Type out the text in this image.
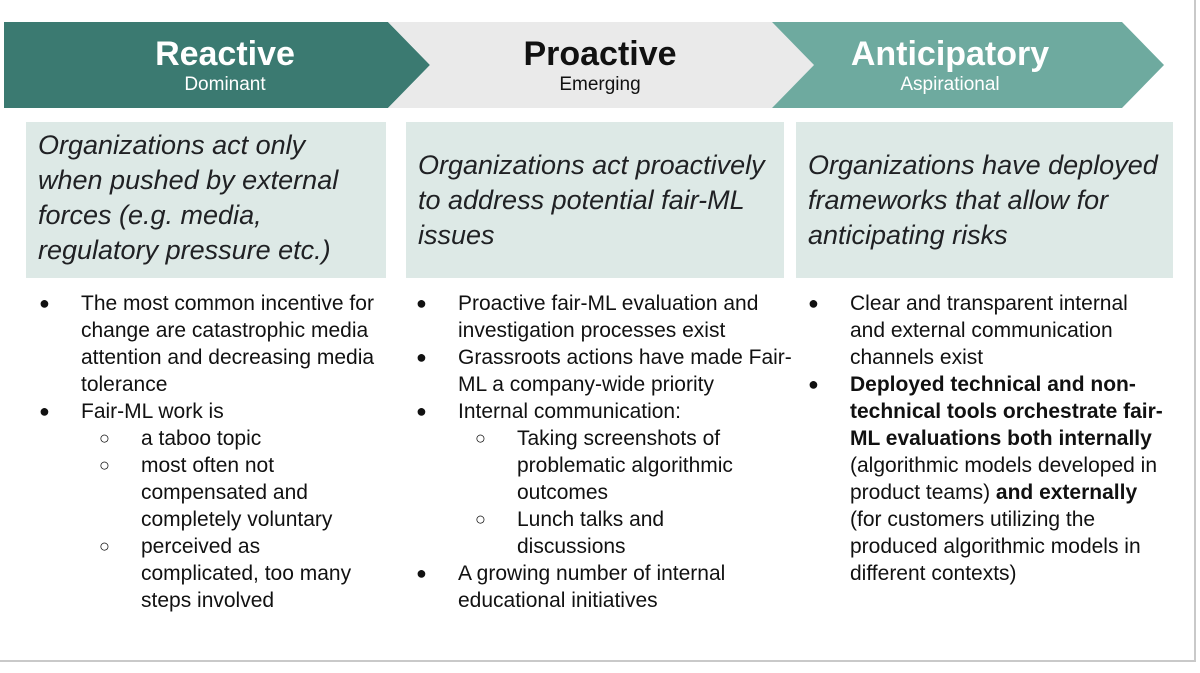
Reactive
Dominant
Proactive
Emerging
Anticipatory
Aspirational
Organizations act only when pushed by external forces (e.g. media, regulatory pressure etc.)
Organizations act proactively to address potential fair-ML issues
Organizations have deployed frameworks that allow for anticipating risks
● The most common incentive for change are catastrophic media attention and decreasing media tolerance
● Fair-ML work is
○ a taboo topic
○ most often not compensated and completely voluntary
○ perceived as complicated, too many steps involved
● Proactive fair-ML evaluation and investigation processes exist
● Grassroots actions have made Fair-ML a company-wide priority
● Internal communication:
○ Taking screenshots of problematic algorithmic outcomes
○ Lunch talks and discussions
● A growing number of internal educational initiatives
● Clear and transparent internal and external communication channels exist
● Deployed technical and non-technical tools orchestrate fair-ML evaluations both internally (algorithmic models developed in product teams) and externally (for customers utilizing the produced algorithmic models in different contexts)
